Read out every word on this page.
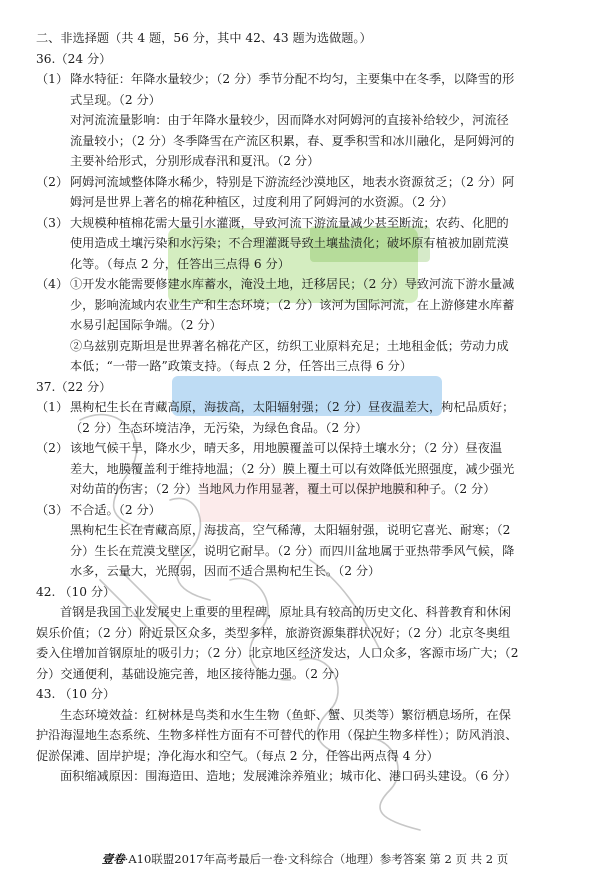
二、非选择题（共 4 题，56 分，其中 42、43 题为选做题。）
36.（24 分）
（1） 降水特征：年降水量较少；（2 分）季节分配不均匀，主要集中在冬季，以降雪的形
式呈现。（2 分）
对河流流量影响：由于年降水量较少，因而降水对阿姆河的直接补给较少，河流径
流量较小；（2 分）冬季降雪在产流区积累，春、夏季积雪和冰川融化，是阿姆河的
主要补给形式，分别形成春汛和夏汛。（2 分）
（2） 阿姆河流域整体降水稀少，特别是下游流经沙漠地区，地表水资源贫乏；（2 分）阿
姆河是世界上著名的棉花种植区，过度利用了阿姆河的水资源。（2 分）
（3） 大规模种植棉花需大量引水灌溉，导致河流下游流量减少甚至断流；农药、化肥的
使用造成土壤污染和水污染；不合理灌溉导致土壤盐渍化；破坏原有植被加剧荒漠
化等。（每点 2 分，任答出三点得 6 分）
（4） ①开发水能需要修建水库蓄水，淹没土地，迁移居民；（2 分）导致河流下游水量减
少，影响流域内农业生产和生态环境；（2 分）该河为国际河流，在上游修建水库蓄
水易引起国际争端。（2 分）
②乌兹别克斯坦是世界著名棉花产区，纺织工业原料充足；土地租金低；劳动力成
本低；“一带一路”政策支持。（每点 2 分，任答出三点得 6 分）
37.（22 分）
（1） 黑枸杞生长在青藏高原，海拔高，太阳辐射强；（2 分）昼夜温差大，枸杞品质好；
（2 分）生态环境洁净，无污染，为绿色食品。（2 分）
（2） 该地气候干旱，降水少，晴天多，用地膜覆盖可以保持土壤水分；（2 分）昼夜温
差大，地膜覆盖利于维持地温；（2 分）膜上覆土可以有效降低光照强度，减少强光
对幼苗的伤害；（2 分）当地风力作用显著，覆土可以保护地膜和种子。（2 分）
（3） 不合适。（2 分）
黑枸杞生长在青藏高原，海拔高，空气稀薄，太阳辐射强，说明它喜光、耐寒；（2
分）生长在荒漠戈壁区，说明它耐旱。（2 分）而四川盆地属于亚热带季风气候，降
水多，云量大，光照弱，因而不适合黑枸杞生长。（2 分）
42. （10 分）
首钢是我国工业发展史上重要的里程碑，原址具有较高的历史文化、科普教育和休闲
娱乐价值；（2 分）附近景区众多，类型多样，旅游资源集群状况好；（2 分）北京冬奥组
委入住增加首钢原址的吸引力；（2 分）北京地区经济发达，人口众多，客源市场广大；（2
分）交通便利，基础设施完善，地区接待能力强。（2 分）
43. （10 分）
生态环境效益：红树林是鸟类和水生生物（鱼虾、蟹、贝类等）繁衍栖息场所，在保
护沿海湿地生态系统、生物多样性方面有不可替代的作用（保护生物多样性）；防风消浪、
促淤保滩、固岸护堤；净化海水和空气。（每点 2 分，任答出两点得 4 分）
面积缩减原因：围海造田、造地；发展滩涂养殖业；城市化、港口码头建设。（6 分）
壹卷·A10联盟2017年高考最后一卷·文科综合（地理）参考答案 第 2 页 共 2 页
